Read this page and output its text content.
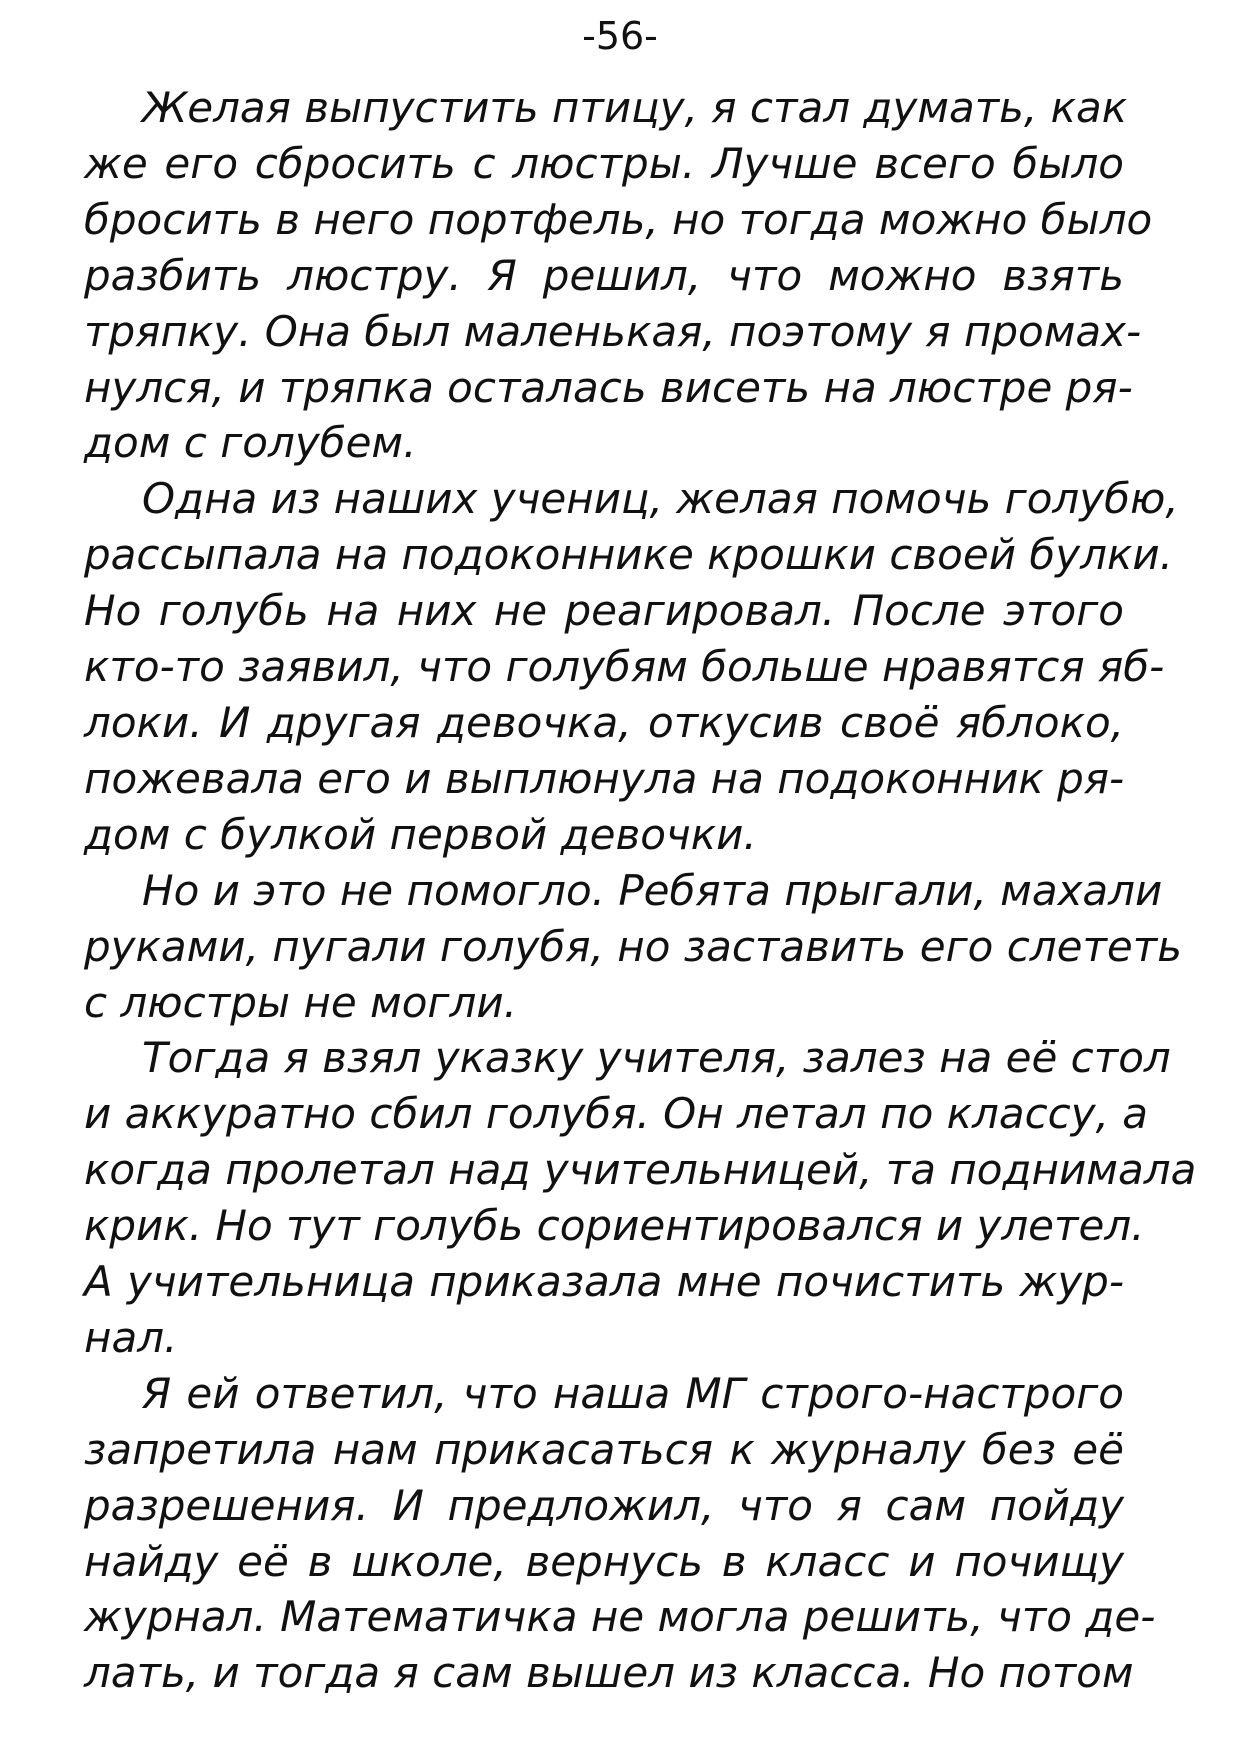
-56-
Желая выпустить птицу, я стал думать, как
же его сбросить с люстры. Лучше всего было
бросить в него портфель, но тогда можно было
разбить люстру. Я решил, что можно взять
тряпку. Она был маленькая, поэтому я промах-
нулся, и тряпка осталась висеть на люстре ря-
дом с голубем.
Одна из наших учениц, желая помочь голубю,
рассыпала на подоконнике крошки своей булки.
Но голубь на них не реагировал. После этого
кто-то заявил, что голубям больше нравятся яб-
локи. И другая девочка, откусив своё яблоко,
пожевала его и выплюнула на подоконник ря-
дом с булкой первой девочки.
Но и это не помогло. Ребята прыгали, махали
руками, пугали голубя, но заставить его слететь
с люстры не могли.
Тогда я взял указку учителя, залез на её стол
и аккуратно сбил голубя. Он летал по классу, а
когда пролетал над учительницей, та поднимала
крик. Но тут голубь сориентировался и улетел.
А учительница приказала мне почистить жур-
нал.
Я ей ответил, что наша МГ строго-настрого
запретила нам прикасаться к журналу без её
разрешения. И предложил, что я сам пойду
найду её в школе, вернусь в класс и почищу
журнал. Математичка не могла решить, что де-
лать, и тогда я сам вышел из класса. Но потом
